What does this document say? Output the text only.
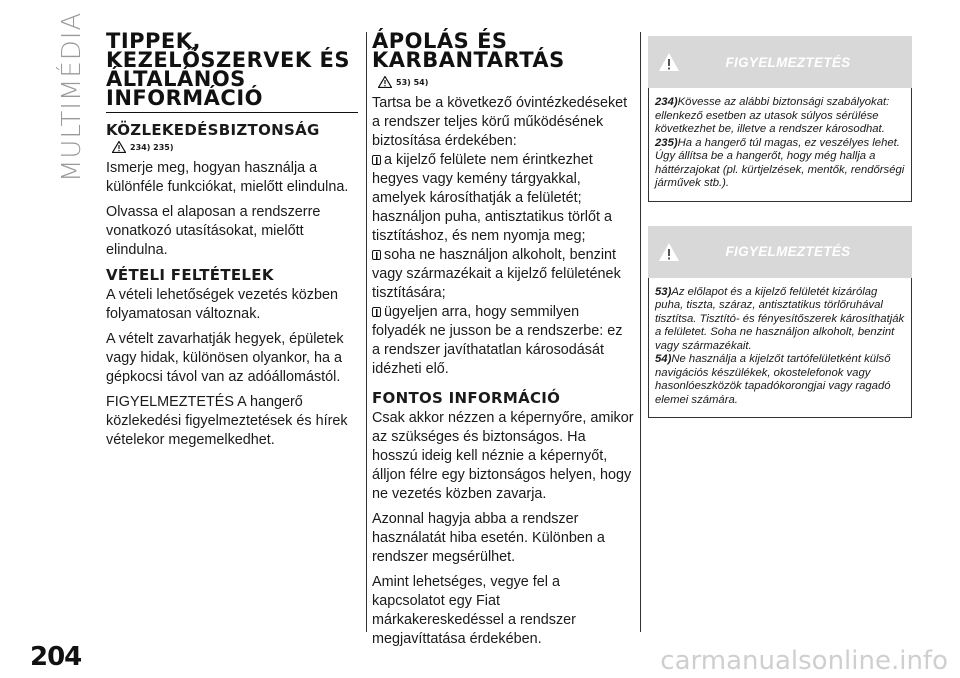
MULTIMÉDIA TIPPEK,
KEZELŐSZERVEK ÉS
ÁLTALÁNOS
INFORMÁCIÓ
KÖZLEKEDÉSBIZTONSÁG
234) 235)

Ismerje meg, hogyan használja a különféle funkciókat, mielőtt elindulna.

Olvassa el alaposan a rendszerre vonatkozó utasításokat, mielőtt elindulna.

VÉTELI FELTÉTELEK

A vételi lehetőségek vezetés közben folyamatosan változnak.

A vételt zavarhatják hegyek, épületek vagy hidak, különösen olyankor, ha a gépkocsi távol van az adóállomástól.

FIGYELMEZTETÉS A hangerő közlekedési figyelmeztetések és hírek vételekor megemelkedhet.

ÁPOLÁS ÉS
KARBANTARTÁS
53) 54)

Tartsa be a következő óvintézkedéseket a rendszer teljes körű működésének biztosítása érdekében:

a kijelző felülete nem érintkezhet hegyes vagy kemény tárgyakkal, amelyek károsíthatják a felületét; használjon puha, antisztatikus törlőt a tisztításhoz, és nem nyomja meg;

soha ne használjon alkoholt, benzint vagy származékait a kijelző felületének tisztítására;

ügyeljen arra, hogy semmilyen folyadék ne jusson be a rendszerbe: ez a rendszer javíthatatlan károsodását idézheti elő.

FONTOS INFORMÁCIÓ

Csak akkor nézzen a képernyőre, amikor az szükséges és biztonságos. Ha hosszú ideig kell néznie a képernyőt, álljon félre egy biztonságos helyen, hogy ne vezetés közben zavarja.

Azonnal hagyja abba a rendszer használatát hiba esetén. Különben a rendszer megsérülhet.

Amint lehetséges, vegye fel a kapcsolatot egy Fiat márkakereskedéssel a rendszer megjavíttatása érdekében.

FIGYELMEZTETÉS
234)Kövesse az alábbi biztonsági szabályokat: ellenkező esetben az utasok súlyos sérülése következhet be, illetve a rendszer károsodhat.
235)Ha a hangerő túl magas, ez veszélyes lehet. Úgy állítsa be a hangerőt, hogy még hallja a háttérzajokat (pl. kürtjelzések, mentők, rendőrségi járművek stb.).
FIGYELMEZTETÉS
53)Az előlapot és a kijelző felületét kizárólag puha, tiszta, száraz, antisztatikus törlőruhával tisztítsa. Tisztító- és fényesítőszerek károsíthatják a felületet. Soha ne használjon alkoholt, benzint vagy származékait.
54)Ne használja a kijelzőt tartófelületként külső navigációs készülékek, okostelefonok vagy hasonlóeszközök tapadókorongjai vagy ragadó elemei számára.
204	carmanualsonline.info
